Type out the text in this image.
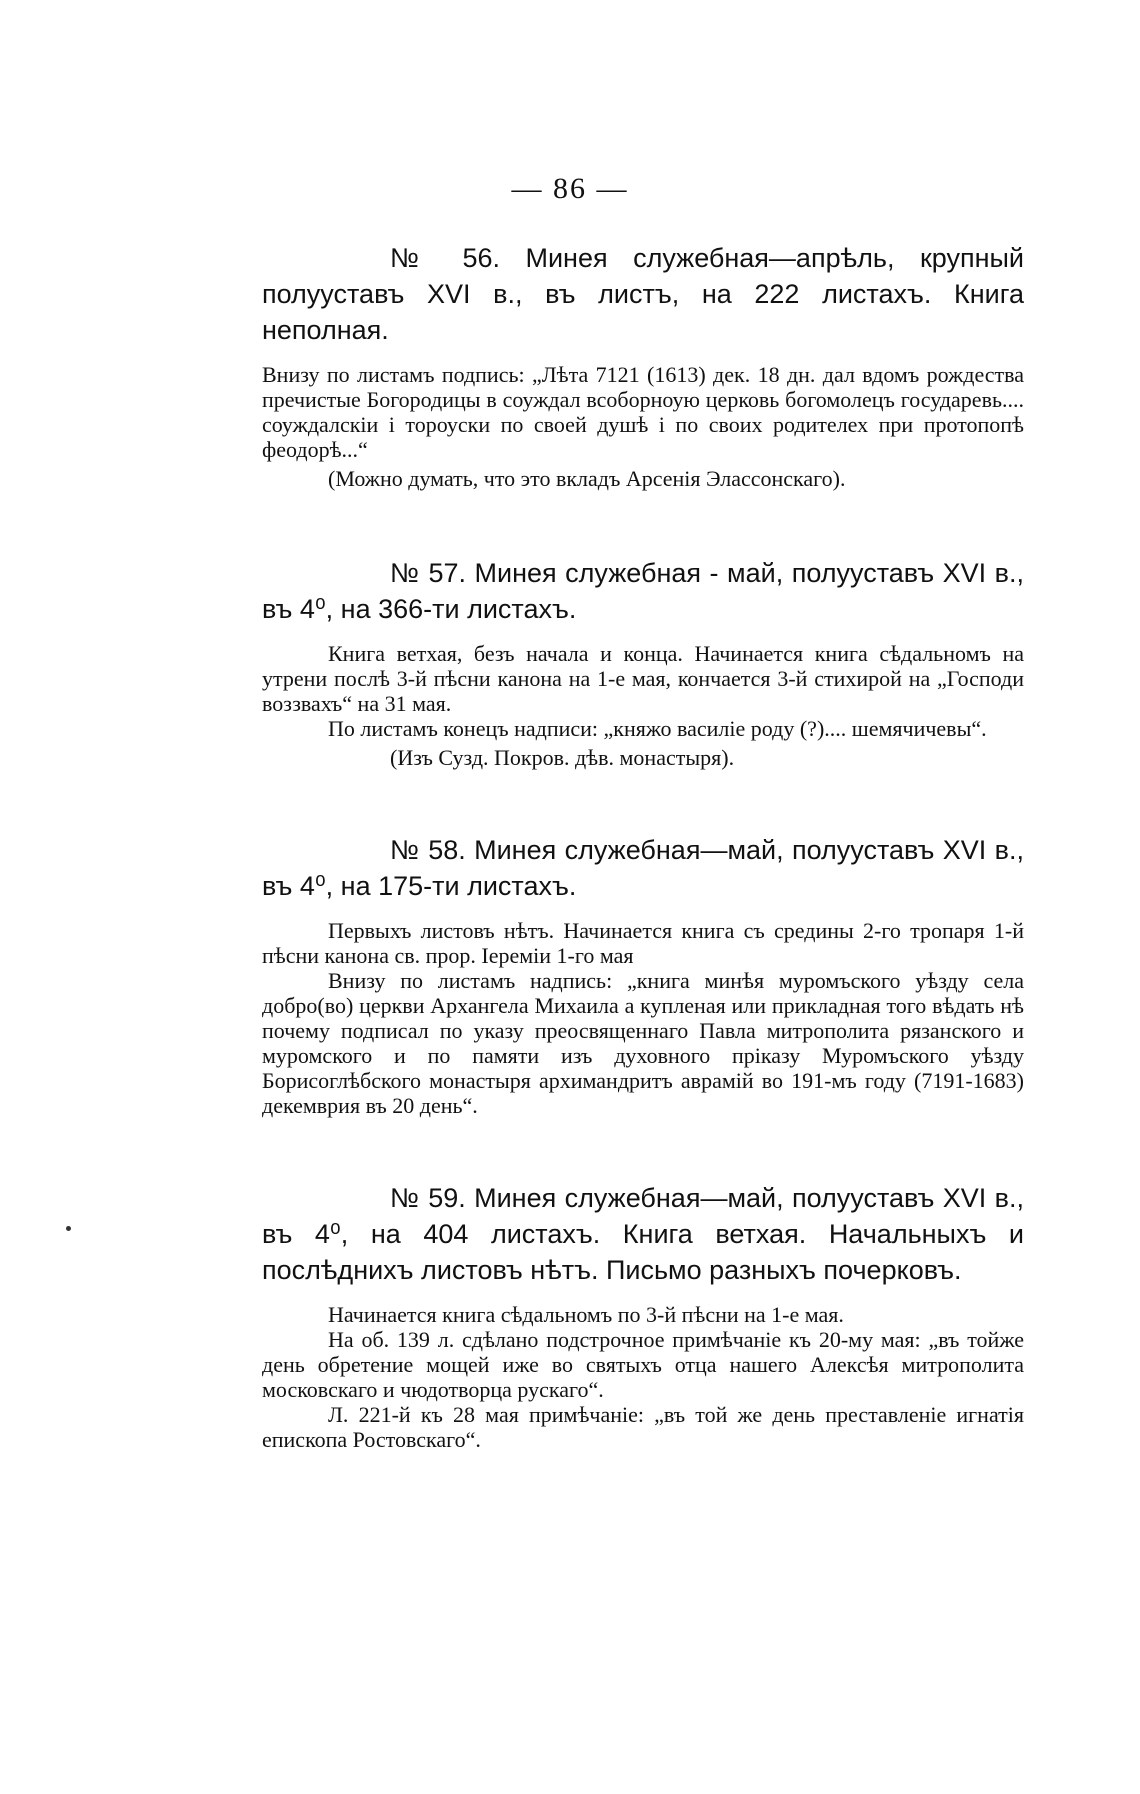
— 86 —
№ 56. Минея служебная—апрѣль, крупный полууставъ XVI в., въ листъ, на 222 листахъ. Книга неполная.

Внизу по листамъ подпись: „Лѣта 7121 (1613) дек. 18 дн. дал вдомъ рождества пречистые Богородицы в соуждал всоборноую церковь богомолецъ государевь.... соуждалскіи і тороуски по своей душѣ і по своих родителех при протопопѣ феодорѣ...“

(Можно думать, что это вкладъ Арсенія Элассонскаго).

№ 57. Минея служебная - май, полууставъ XVI в., въ 4⁰, на 366-ти листахъ.

Книга ветхая, безъ начала и конца. Начинается книга сѣдальномъ на утрени послѣ 3-й пѣсни канона на 1-е мая, кончается 3-й стихирой на „Господи воззвахъ“ на 31 мая.

По листамъ конецъ надписи: „княжо василіе роду (?).... шемячичевы“.

(Изъ Сузд. Покров. дѣв. монастыря).

№ 58. Минея служебная—май, полууставъ XVI в., въ 4⁰, на 175-ти листахъ.

Первыхъ листовъ нѣтъ. Начинается книга съ средины 2-го тропаря 1-й пѣсни канона св. прор. Іереміи 1-го мая

Внизу по листамъ надпись: „книга минѣя муромъского уѣзду села добро(во) церкви Архангела Михаила а купленая или прикладная того вѣдать нѣ почему подписал по указу преосвященнаго Павла митрополита рязанского и муромского и по памяти изъ духовного пріказу Муромъского уѣзду Борисоглѣбского монастыря архимандритъ аврамій во 191-мъ году (7191-1683) декемврия въ 20 день“.

№ 59. Минея служебная—май, полууставъ XVI в., въ 4⁰, на 404 листахъ. Книга ветхая. Начальныхъ и послѣднихъ листовъ нѣтъ. Письмо разныхъ почерковъ.

Начинается книга сѣдальномъ по 3-й пѣсни на 1-е мая.

На об. 139 л. сдѣлано подстрочное примѣчаніе къ 20-му мая: „въ тойже день обретение мощей иже во святыхъ отца нашего Алексѣя митрополита московскаго и чюдотворца рускаго“.

Л. 221-й къ 28 мая примѣчаніе: „въ той же день преставленіе игнатія епископа Ростовскаго“.
